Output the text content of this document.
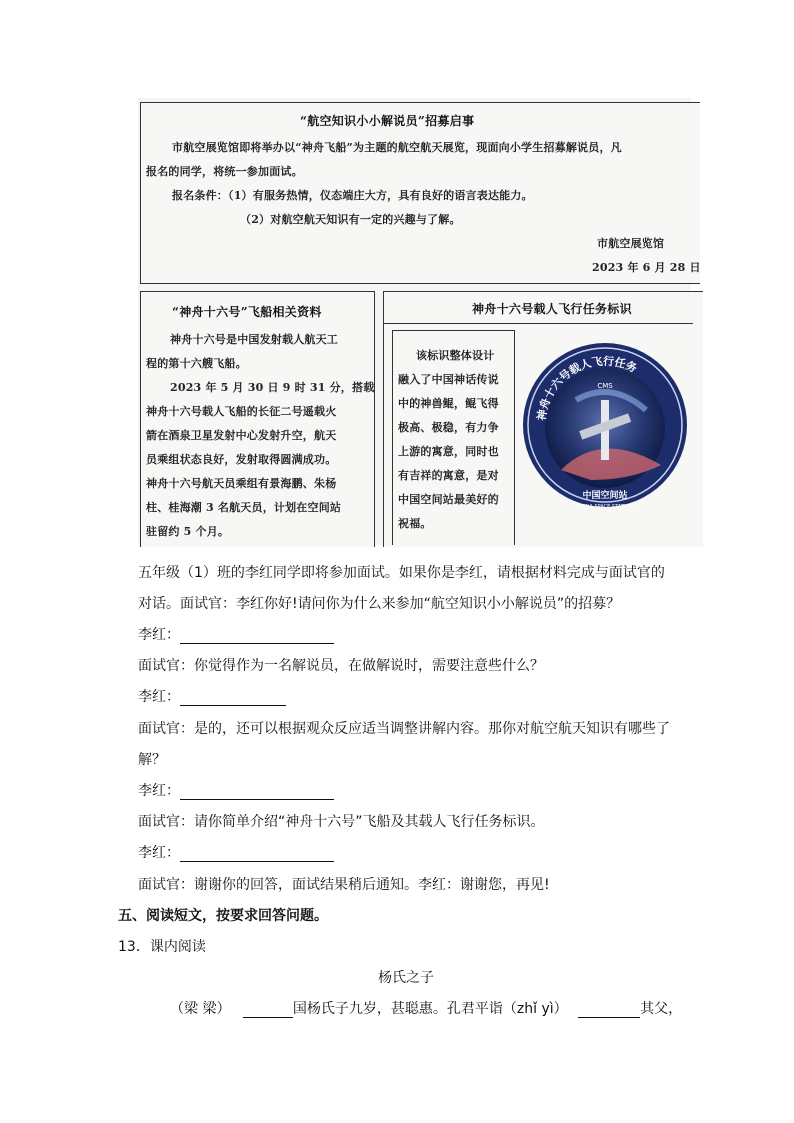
“航空知识小小解说员”招募启事
市航空展览馆即将举办以“神舟飞船”为主题的航空航天展览，现面向小学生招募解说员，凡
报名的同学，将统一参加面试。
报名条件：（1）有服务热情，仪态端庄大方，具有良好的语言表达能力。
（2）对航空航天知识有一定的兴趣与了解。
市航空展览馆
2023 年 6 月 28 日
“神舟十六号”飞船相关资料
神舟十六号是中国发射载人航天工
程的第十六艘飞船。
2023 年 5 月 30 日 9 时 31 分，搭载
神舟十六号载人飞船的长征二号遥载火
箭在酒泉卫星发射中心发射升空，航天
员乘组状态良好，发射取得圆满成功。
神舟十六号航天员乘组有景海鹏、朱杨
柱、桂海潮 3 名航天员，计划在空间站
驻留约 5 个月。
神舟十六号载人飞行任务标识
该标识整体设计
融入了中国神话传说
中的神兽鲲，鲲飞得
极高、极稳，有力争
上游的寓意，同时也
有吉祥的寓意，是对
中国空间站最美好的
祝福。
神舟十六号载人飞行任务
CMS
中国空间站
CHINA SPACE STATION
五年级（1）班的李红同学即将参加面试。如果你是李红，请根据材料完成与面试官的
对话。面试官：李红你好!请问你为什么来参加“航空知识小小解说员”的招募？
李红：
面试官：你觉得作为一名解说员，在做解说时，需要注意些什么？
李红：
面试官：是的，还可以根据观众反应适当调整讲解内容。那你对航空航天知识有哪些了
解？
李红：
面试官：请你简单介绍“神舟十六号”飞船及其载人飞行任务标识。
李红：
面试官：谢谢你的回答，面试结果稍后通知。李红：谢谢您，再见!
五、阅读短文，按要求回答问题。
13．课内阅读
杨氏之子
（梁 梁）	国杨氏子九岁，甚聪惠。孔君平诣（zhǐ yì）	其父，
